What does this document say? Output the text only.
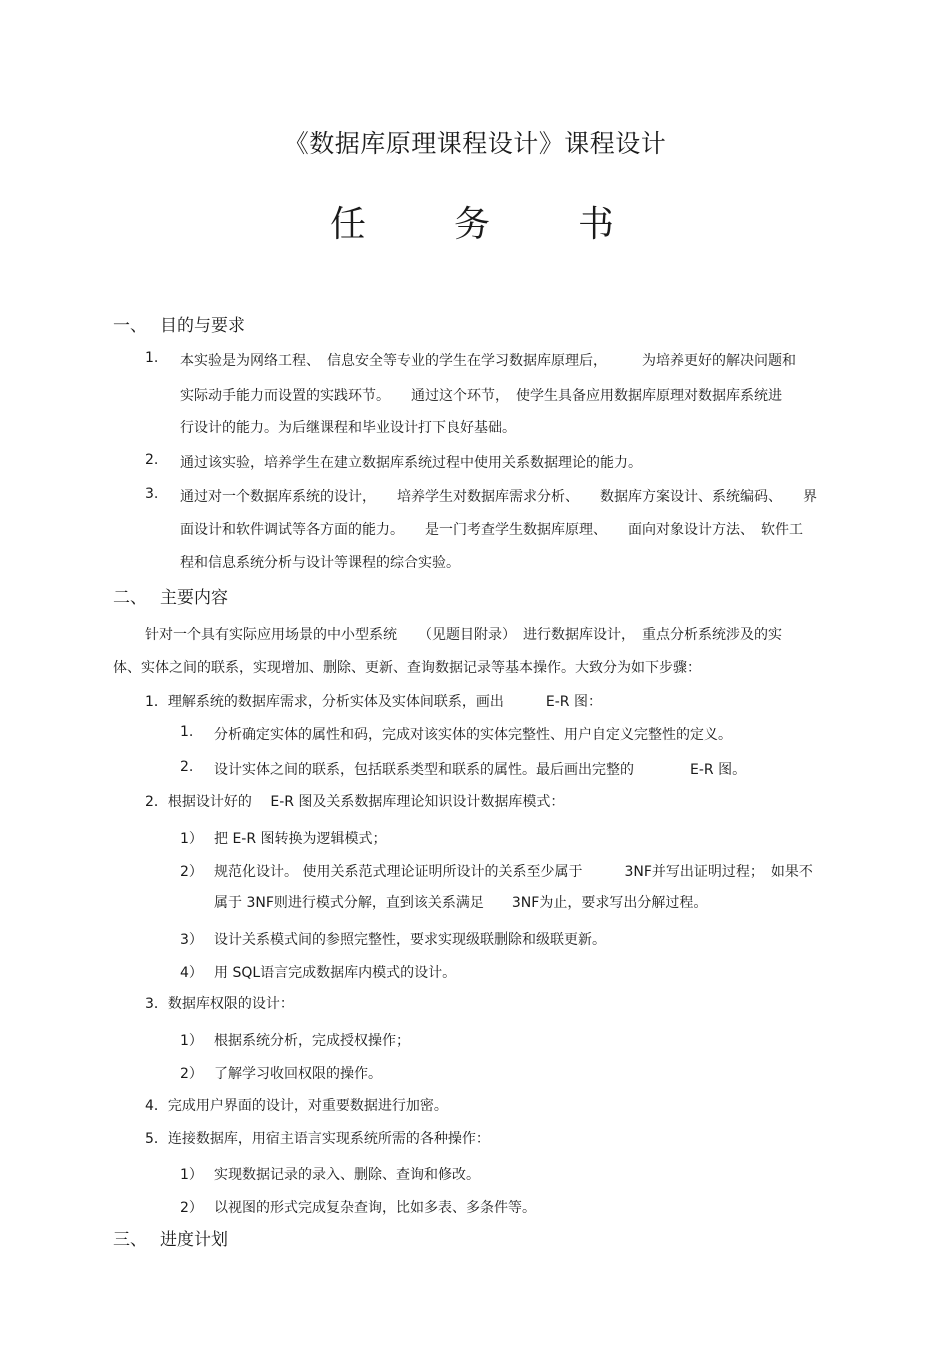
《数据库原理课程设计》课程设计
任　务　书
一、 目的与要求
1. 本实验是为网络工程、　信息安全等专业的学生在学习数据库原理后，　　　为培养更好的解决问题和
实际动手能力而设置的实践环节。　　通过这个环节，　使学生具备应用数据库原理对数据库系统进
行设计的能力。为后继课程和毕业设计打下良好基础。
2. 通过该实验，培养学生在建立数据库系统过程中使用关系数据理论的能力。
3. 通过对一个数据库系统的设计，　　培养学生对数据库需求分析、　　数据库方案设计、系统编码、　　界
面设计和软件调试等各方面的能力。　　是一门考查学生数据库原理、　　面向对象设计方法、　软件工
程和信息系统分析与设计等课程的综合实验。
二、 主要内容
针对一个具有实际应用场景的中小型系统　　（见题目附录）　进行数据库设计，　重点分析系统涉及的实
体、实体之间的联系，实现增加、删除、更新、查询数据记录等基本操作。大致分为如下步骤：
1．理解系统的数据库需求，分析实体及实体间联系，画出　　　E-R 图：
1. 分析确定实体的属性和码，完成对该实体的实体完整性、用户自定义完整性的定义。
2. 设计实体之间的联系，包括联系类型和联系的属性。最后画出完整的　　　　E-R 图。
2．根据设计好的　 E-R 图及关系数据库理论知识设计数据库模式：
1） 把 E-R 图转换为逻辑模式；
2） 规范化设计。 使用关系范式理论证明所设计的关系至少属于　　　3NF并写出证明过程；　如果不
属于 3NF则进行模式分解，直到该关系满足　　3NF为止，要求写出分解过程。
3） 设计关系模式间的参照完整性，要求实现级联删除和级联更新。
4） 用 SQL语言完成数据库内模式的设计。
3．数据库权限的设计：
1） 根据系统分析，完成授权操作；
2） 了解学习收回权限的操作。
4．完成用户界面的设计，对重要数据进行加密。
5．连接数据库，用宿主语言实现系统所需的各种操作：
1） 实现数据记录的录入、删除、查询和修改。
2） 以视图的形式完成复杂查询，比如多表、多条件等。
三、 进度计划
